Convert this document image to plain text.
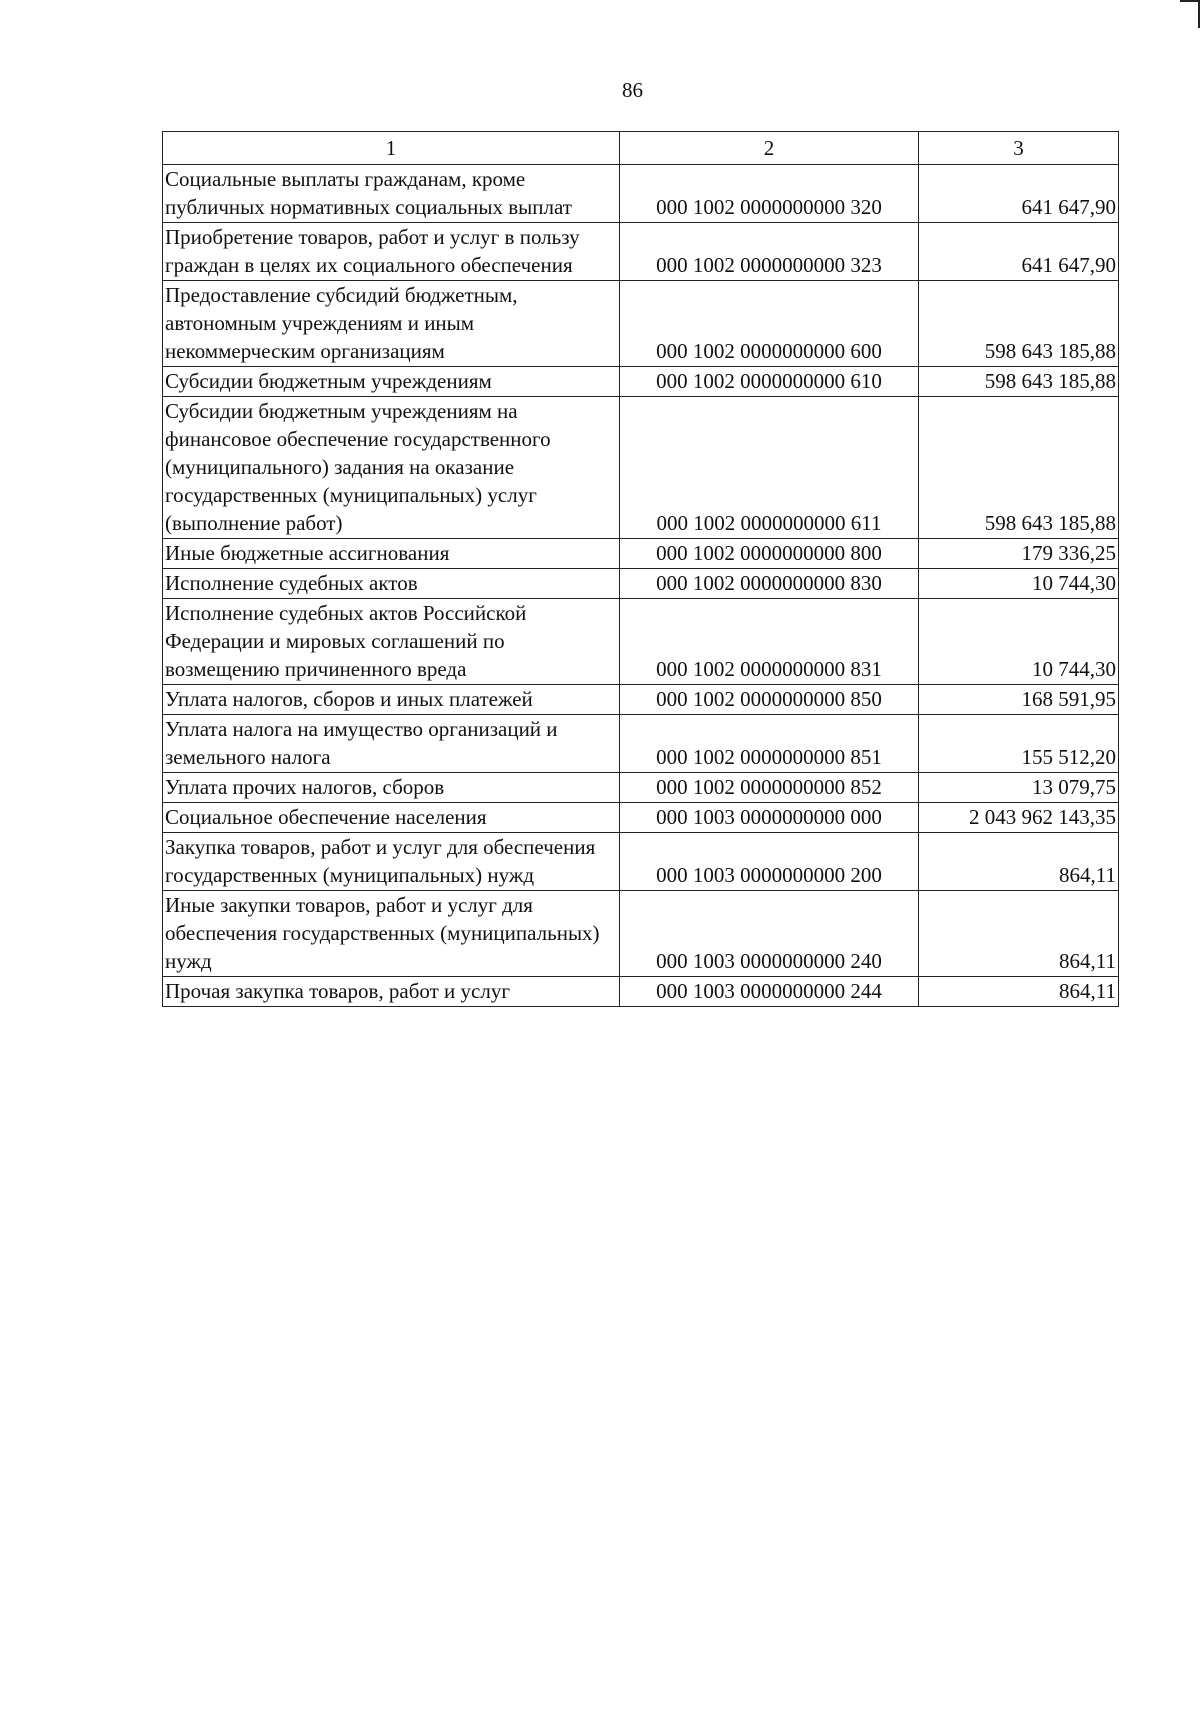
86
1	2	3
Социальные выплаты гражданам, кроме публичных нормативных социальных выплат	000 1002 0000000000 320	641 647,90
Приобретение товаров, работ и услуг в пользу граждан в целях их социального обеспечения	000 1002 0000000000 323	641 647,90
Предоставление субсидий бюджетным, автономным учреждениям и иным некоммерческим организациям	000 1002 0000000000 600	598 643 185,88
Субсидии бюджетным учреждениям	000 1002 0000000000 610	598 643 185,88
Субсидии бюджетным учреждениям на финансовое обеспечение государственного (муниципального) задания на оказание государственных (муниципальных) услуг (выполнение работ)	000 1002 0000000000 611	598 643 185,88
Иные бюджетные ассигнования	000 1002 0000000000 800	179 336,25
Исполнение судебных актов	000 1002 0000000000 830	10 744,30
Исполнение судебных актов Российской Федерации и мировых соглашений по возмещению причиненного вреда	000 1002 0000000000 831	10 744,30
Уплата налогов, сборов и иных платежей	000 1002 0000000000 850	168 591,95
Уплата налога на имущество организаций и земельного налога	000 1002 0000000000 851	155 512,20
Уплата прочих налогов, сборов	000 1002 0000000000 852	13 079,75
Социальное обеспечение населения	000 1003 0000000000 000	2 043 962 143,35
Закупка товаров, работ и услуг для обеспечения государственных (муниципальных) нужд	000 1003 0000000000 200	864,11
Иные закупки товаров, работ и услуг для обеспечения государственных (муниципальных) нужд	000 1003 0000000000 240	864,11
Прочая закупка товаров, работ и услуг	000 1003 0000000000 244	864,11
